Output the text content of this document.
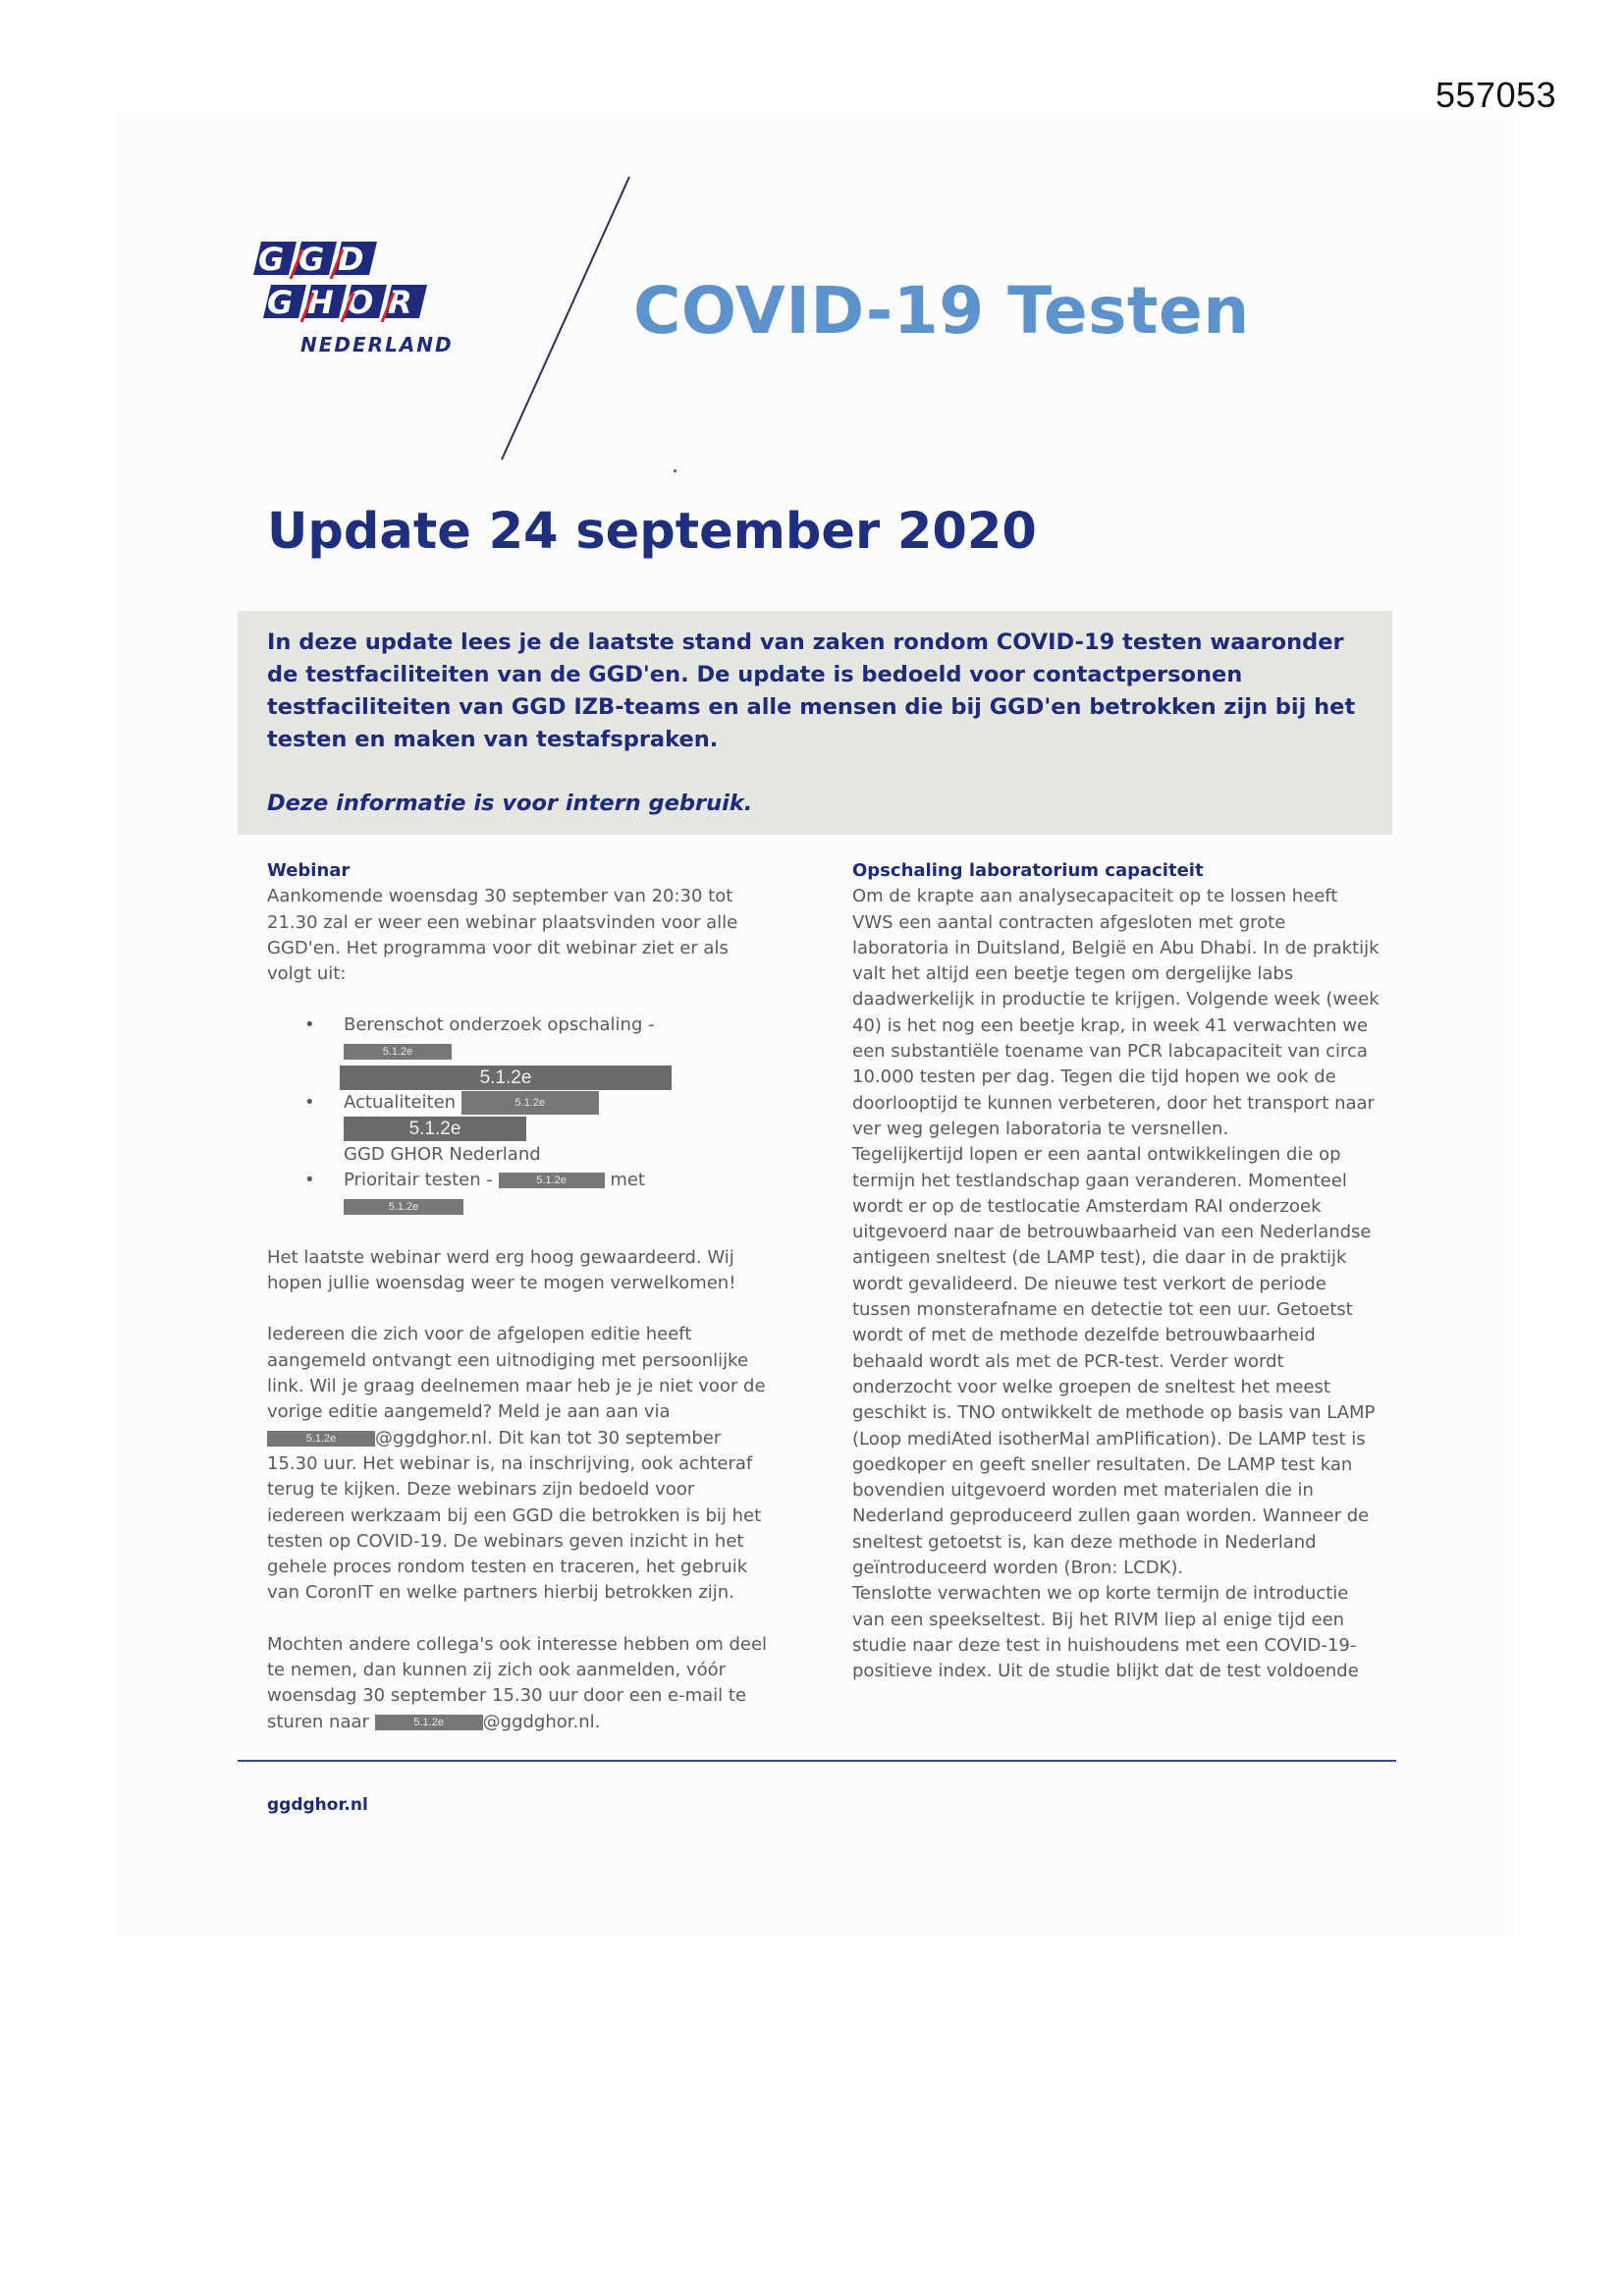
557053
G G D
G H O R
NEDERLAND	COVID-19 Testen
Update 24 september 2020

In deze update lees je de laatste stand van zaken rondom COVID-19 testen waaronder de testfaciliteiten van de GGD'en. De update is bedoeld voor contactpersonen testfaciliteiten van GGD IZB-teams en alle mensen die bij GGD'en betrokken zijn bij het testen en maken van testafspraken.

Deze informatie is voor intern gebruik.

Webinar

Aankomende woensdag 30 september van 20:30 tot 21.30 zal er weer een webinar plaatsvinden voor alle GGD'en. Het programma voor dit webinar ziet er als volgt uit:

• Berenschot onderzoek opschaling - 5.1.2e
5.1.2e
• Actualiteiten	5.1.2e 5.1.2e
GGD GHOR Nederland
• Prioritair testen -	5.1.2e met 5.1.2e

Het laatste webinar werd erg hoog gewaardeerd. Wij hopen jullie woensdag weer te mogen verwelkomen!

Iedereen die zich voor de afgelopen editie heeft aangemeld ontvangt een uitnodiging met persoonlijke link. Wil je graag deelnemen maar heb je je niet voor de vorige editie aangemeld? Meld je aan aan via 5.1.2e @ggdghor.nl. Dit kan tot 30 september 15.30 uur. Het webinar is, na inschrijving, ook achteraf terug te kijken. Deze webinars zijn bedoeld voor iedereen werkzaam bij een GGD die betrokken is bij het testen op COVID-19. De webinars geven inzicht in het gehele proces rondom testen en traceren, het gebruik van CoronIT en welke partners hierbij betrokken zijn.

Mochten andere collega's ook interesse hebben om deel te nemen, dan kunnen zij zich ook aanmelden, vóór woensdag 30 september 15.30 uur door een e-mail te sturen naar	5.1.2e @ggdghor.nl.

Opschaling laboratorium capaciteit

Om de krapte aan analysecapaciteit op te lossen heeft VWS een aantal contracten afgesloten met grote laboratoria in Duitsland, België en Abu Dhabi. In de praktijk valt het altijd een beetje tegen om dergelijke labs daadwerkelijk in productie te krijgen. Volgende week (week 40) is het nog een beetje krap, in week 41 verwachten we een substantiële toename van PCR labcapaciteit van circa 10.000 testen per dag. Tegen die tijd hopen we ook de doorlooptijd te kunnen verbeteren, door het transport naar ver weg gelegen laboratoria te versnellen.

Tegelijkertijd lopen er een aantal ontwikkelingen die op termijn het testlandschap gaan veranderen. Momenteel wordt er op de testlocatie Amsterdam RAI onderzoek uitgevoerd naar de betrouwbaarheid van een Nederlandse antigeen sneltest (de LAMP test), die daar in de praktijk wordt gevalideerd. De nieuwe test verkort de periode tussen monsterafname en detectie tot een uur. Getoetst wordt of met de methode dezelfde betrouwbaarheid behaald wordt als met de PCR-test. Verder wordt onderzocht voor welke groepen de sneltest het meest geschikt is. TNO ontwikkelt de methode op basis van LAMP (Loop mediAted isotherMal amPlification). De LAMP test is goedkoper en geeft sneller resultaten. De LAMP test kan bovendien uitgevoerd worden met materialen die in Nederland geproduceerd zullen gaan worden. Wanneer de sneltest getoetst is, kan deze methode in Nederland geïntroduceerd worden (Bron: LCDK).

Tenslotte verwachten we op korte termijn de introductie van een speekseltest. Bij het RIVM liep al enige tijd een studie naar deze test in huishoudens met een COVID-19-positieve index. Uit de studie blijkt dat de test voldoende

ggdghor.nl
